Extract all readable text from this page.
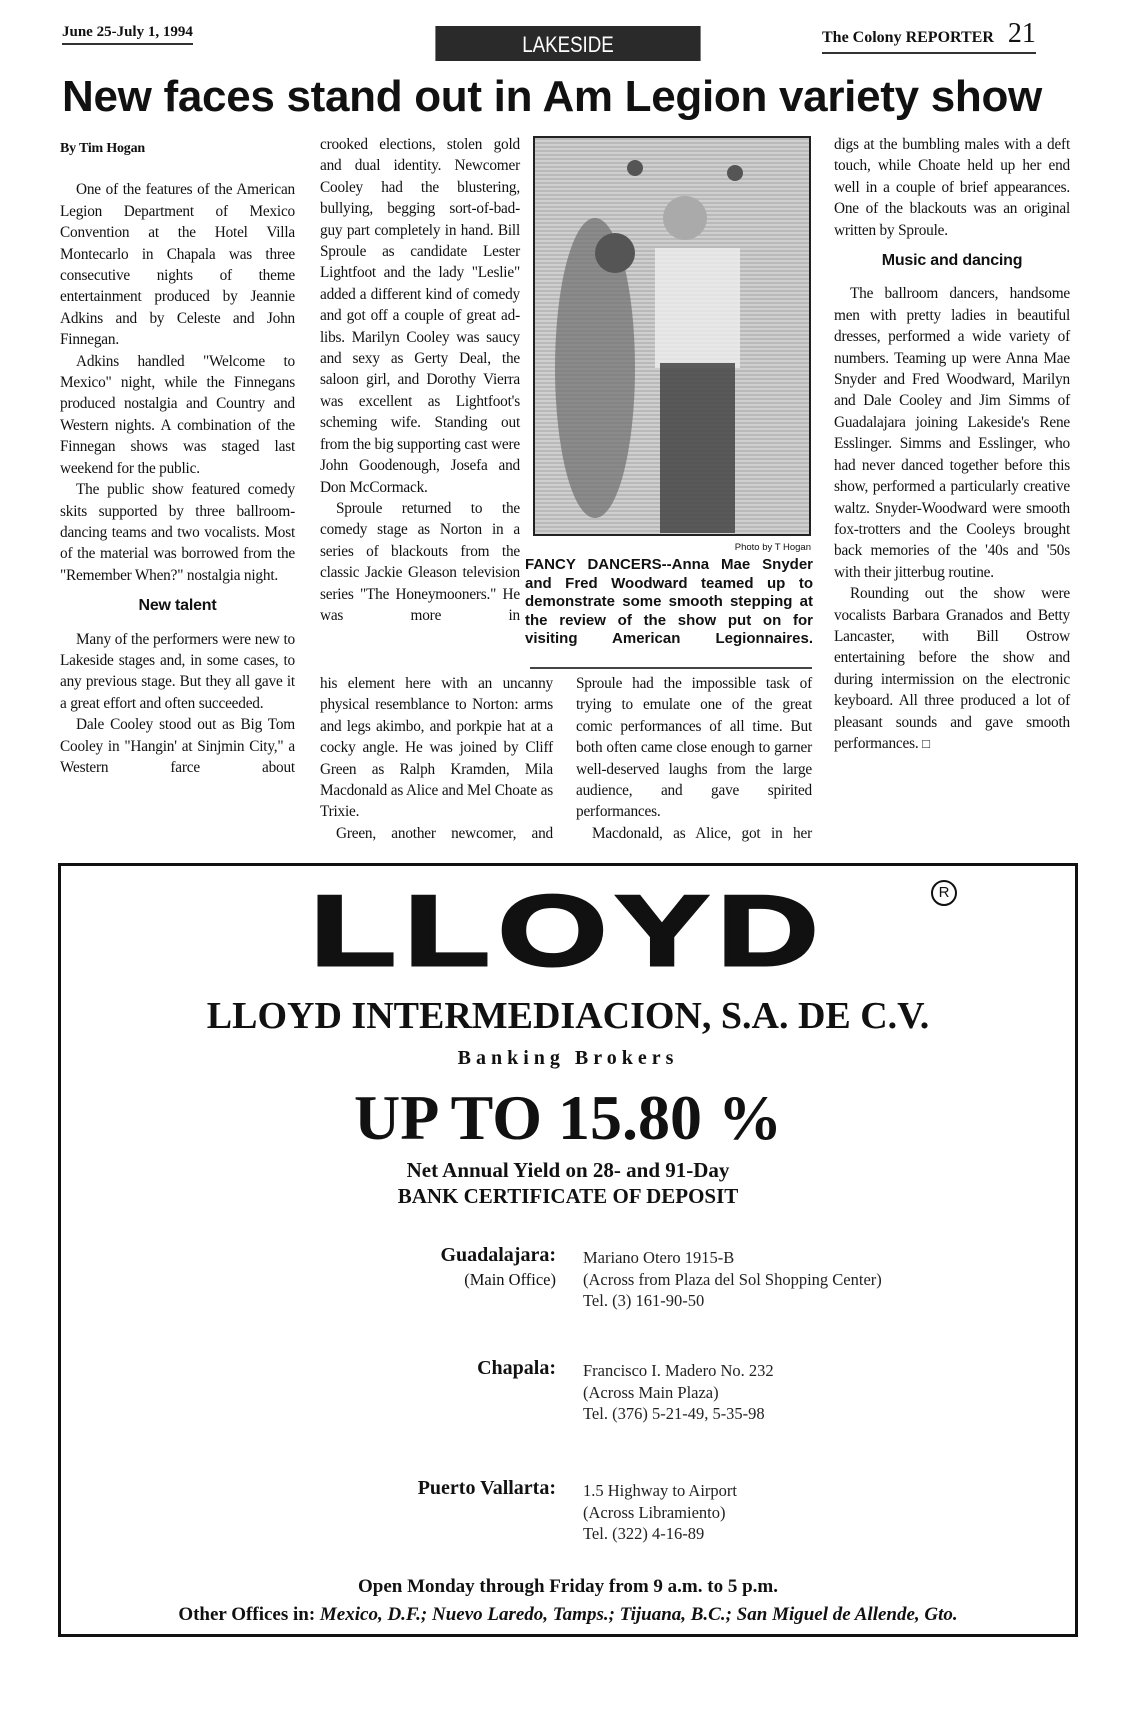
June 25-July 1, 1994	LAKESIDE	The Colony REPORTER 21
New faces stand out in Am Legion variety show
By Tim Hogan

One of the features of the American Legion Department of Mexico Convention at the Hotel Villa Montecarlo in Chapala was three consecutive nights of theme entertainment produced by Jeannie Adkins and by Celeste and John Finnegan.

Adkins handled "Welcome to Mexico" night, while the Finnegans produced nostalgia and Country and Western nights. A combination of the Finnegan shows was staged last weekend for the public.

The public show featured comedy skits supported by three ballroom-dancing teams and two vocalists. Most of the material was borrowed from the "Remember When?" nostalgia night.

New talent

Many of the performers were new to Lakeside stages and, in some cases, to any previous stage. But they all gave it a great effort and often succeeded.

Dale Cooley stood out as Big Tom Cooley in "Hangin' at Sinjmin City," a Western farce about

crooked elections, stolen gold and dual identity. Newcomer Cooley had the blustering, bullying, begging sort-of-bad-guy part completely in hand. Bill Sproule as candidate Lester Lightfoot and the lady "Leslie" added a different kind of comedy and got off a couple of great ad-libs. Marilyn Cooley was saucy and sexy as Gerty Deal, the saloon girl, and Dorothy Vierra was excellent as Lightfoot's scheming wife. Standing out from the big supporting cast were John Goodenough, Josefa and Don McCormack.

Sproule returned to the comedy stage as Norton in a series of blackouts from the classic Jackie Gleason television series "The Honeymooners." He was more in

Photo by T Hogan
FANCY DANCERS--Anna Mae Snyder and Fred Woodward teamed up to demonstrate some smooth stepping at the review of the show put on for visiting American Legionnaires.

his element here with an uncanny physical resemblance to Norton: arms and legs akimbo, and porkpie hat at a cocky angle. He was joined by Cliff Green as Ralph Kramden, Mila Macdonald as Alice and Mel Choate as Trixie.

Green, another newcomer, and

Sproule had the impossible task of trying to emulate one of the great comic performances of all time. But both often came close enough to garner well-deserved laughs from the large audience, and gave spirited performances.

Macdonald, as Alice, got in her

digs at the bumbling males with a deft touch, while Choate held up her end well in a couple of brief appearances. One of the blackouts was an original written by Sproule.

Music and dancing

The ballroom dancers, handsome men with pretty ladies in beautiful dresses, performed a wide variety of numbers. Teaming up were Anna Mae Snyder and Fred Woodward, Marilyn and Dale Cooley and Jim Simms of Guadalajara joining Lakeside's Rene Esslinger. Simms and Esslinger, who had never danced together before this show, performed a particularly creative waltz. Snyder-Woodward were smooth fox-trotters and the Cooleys brought back memories of the '40s and '50s with their jitterbug routine.

Rounding out the show were vocalists Barbara Granados and Betty Lancaster, with Bill Ostrow entertaining before the show and during intermission on the electronic keyboard. All three produced a lot of pleasant sounds and gave smooth performances. □

LLOYD	R
LLOYD INTERMEDIACION, S.A. DE C.V.
Banking Brokers
UP TO 15.80 %
Net Annual Yield on 28- and 91-Day
BANK CERTIFICATE OF DEPOSIT
Guadalajara:
(Main Office)
Mariano Otero 1915-B
(Across from Plaza del Sol Shopping Center)
Tel. (3) 161-90-50
Chapala: Francisco I. Madero No. 232
(Across Main Plaza)
Tel. (376) 5-21-49, 5-35-98
Puerto Vallarta: 1.5 Highway to Airport
(Across Libramiento)
Tel. (322) 4-16-89
Open Monday through Friday from 9 a.m. to 5 p.m.
Other Offices in: Mexico, D.F.; Nuevo Laredo, Tamps.; Tijuana, B.C.; San Miguel de Allende, Gto.
